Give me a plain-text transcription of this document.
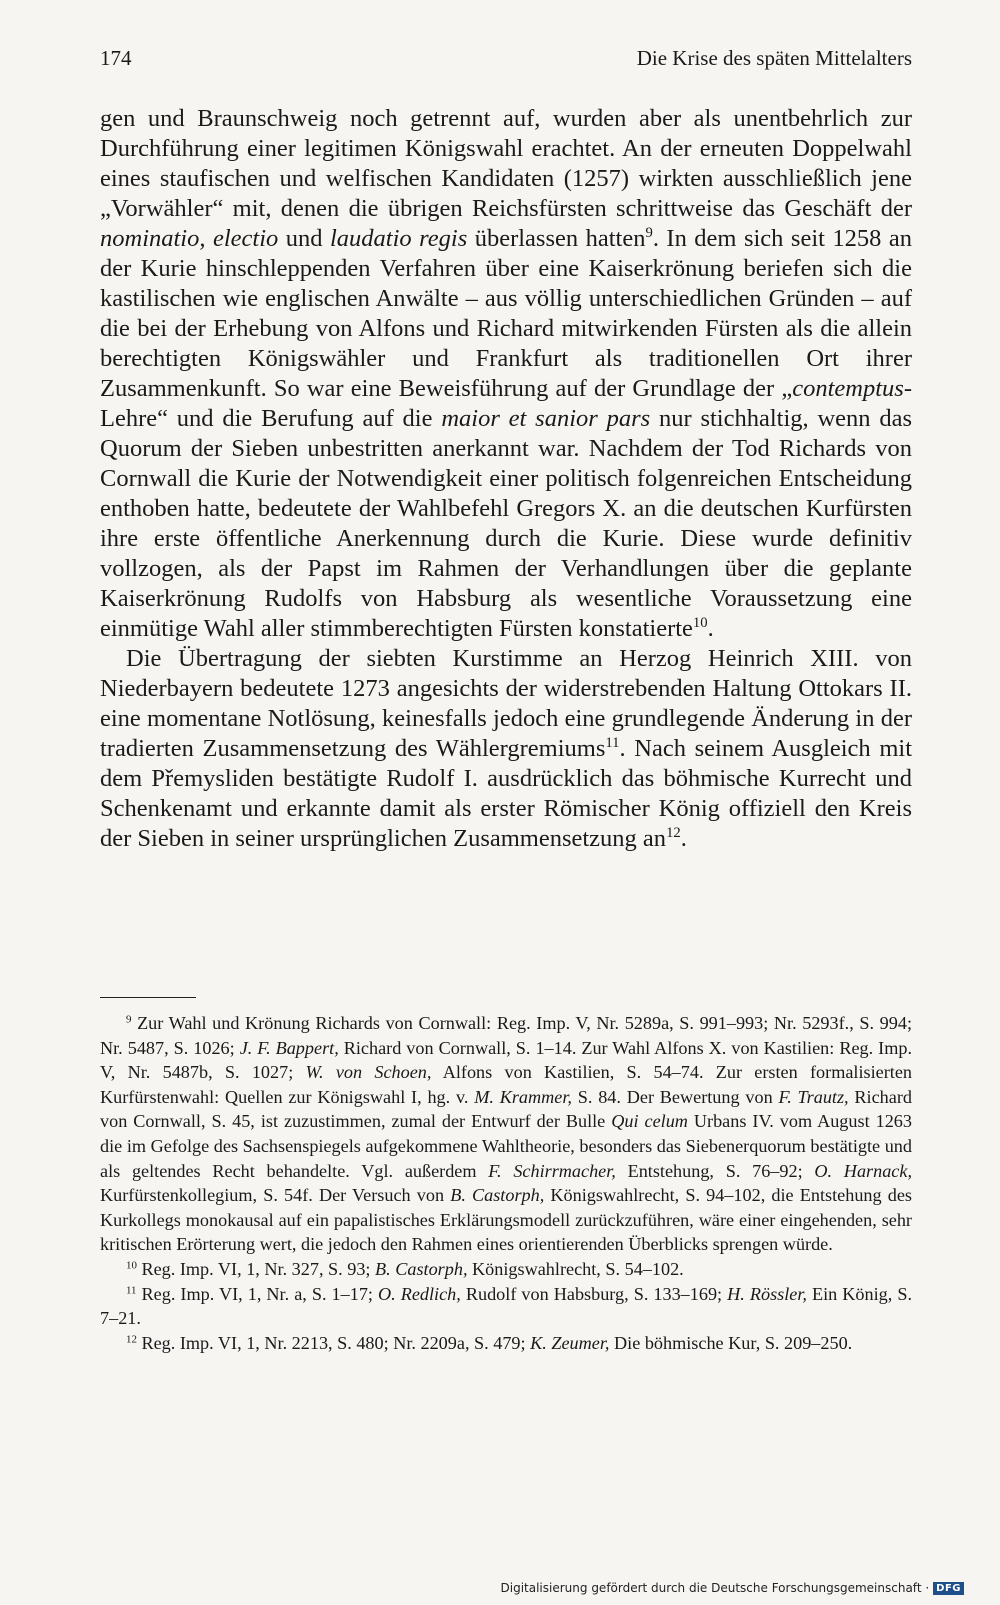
174	Die Krise des späten Mittelalters

gen und Braunschweig noch getrennt auf, wurden aber als unentbehrlich zur Durchführung einer legitimen Königswahl erachtet. An der erneuten Doppelwahl eines staufischen und welfischen Kandidaten (1257) wirkten ausschließlich jene „Vorwähler“ mit, denen die übrigen Reichsfürsten schrittweise das Geschäft der nominatio, electio und laudatio regis überlassen hatten$^9$. In dem sich seit 1258 an der Kurie hinschleppenden Verfahren über eine Kaiserkrönung beriefen sich die kastilischen wie englischen Anwälte – aus völlig unterschiedlichen Gründen – auf die bei der Erhebung von Alfons und Richard mitwirkenden Fürsten als die allein berechtigten Königswähler und Frankfurt als traditionellen Ort ihrer Zusammenkunft. So war eine Beweisführung auf der Grundlage der „contemptus-Lehre“ und die Berufung auf die maior et sanior pars nur stichhaltig, wenn das Quorum der Sieben unbestritten anerkannt war. Nachdem der Tod Richards von Cornwall die Kurie der Notwendigkeit einer politisch folgenreichen Entscheidung enthoben hatte, bedeutete der Wahlbefehl Gregors X. an die deutschen Kurfürsten ihre erste öffentliche Anerkennung durch die Kurie. Diese wurde definitiv vollzogen, als der Papst im Rahmen der Verhandlungen über die geplante Kaiserkrönung Rudolfs von Habsburg als wesentliche Voraussetzung eine einmütige Wahl aller stimmberechtigten Fürsten konstatierte$^{10}$.

Die Übertragung der siebten Kurstimme an Herzog Heinrich XIII. von Niederbayern bedeutete 1273 angesichts der widerstrebenden Haltung Ottokars II. eine momentane Notlösung, keinesfalls jedoch eine grundlegende Änderung in der tradierten Zusammensetzung des Wählergremiums$^{11}$. Nach seinem Ausgleich mit dem Přemysliden bestätigte Rudolf I. ausdrücklich das böhmische Kurrecht und Schenkenamt und erkannte damit als erster Römischer König offiziell den Kreis der Sieben in seiner ursprünglichen Zusammensetzung $an^{12}$.

$^9$ Zur Wahl und Krönung Richards von Cornwall: Reg. Imp. V, Nr. 5289a, S. 991–993; Nr. 5293f., S. 994; Nr. 5487, S. 1026; J. F. Bappert, Richard von Cornwall, S. 1–14. Zur Wahl Alfons X. von Kastilien: Reg. Imp. V, Nr. 5487b, S. 1027; W. von Schoen, Alfons von Kastilien, S. 54–74. Zur ersten formalisierten Kurfürstenwahl: Quellen zur Königswahl I, hg. v. M. Krammer, S. 84. Der Bewertung von F. Trautz, Richard von Cornwall, S. 45, ist zuzustimmen, zumal der Entwurf der Bulle Qui celum Urbans IV. vom August 1263 die im Gefolge des Sachsenspiegels aufgekommene Wahltheorie, besonders das Siebenerquorum bestätigte und als geltendes Recht behandelte. Vgl. außerdem F. Schirrmacher, Entstehung, S. 76–92; O. Harnack, Kurfürstenkollegium, S. 54f. Der Versuch von B. Castorph, Königswahlrecht, S. 94–102, die Entstehung des Kurkollegs monokausal auf ein papalistisches Erklärungsmodell zurückzuführen, wäre einer eingehenden, sehr kritischen Erörterung wert, die jedoch den Rahmen eines orientierenden Überblicks sprengen würde.

$^{10}$ Reg. Imp. VI, 1, Nr. 327, S. 93; B. Castorph, Königswahlrecht, S. 54–102.

$^{11}$ Reg. Imp. VI, 1, Nr. a, S. 1–17; O. Redlich, Rudolf von Habsburg, S. 133–169; H. Rössler, Ein König, S. 7–21.

$^{12}$ Reg. Imp. VI, 1, Nr. 2213, S. 480; Nr. 2209a, S. 479; K. Zeumer, Die böhmische Kur, S. 209–250.

Digitalisierung gefördert durch die Deutsche Forschungsgemeinschaft · DFG
